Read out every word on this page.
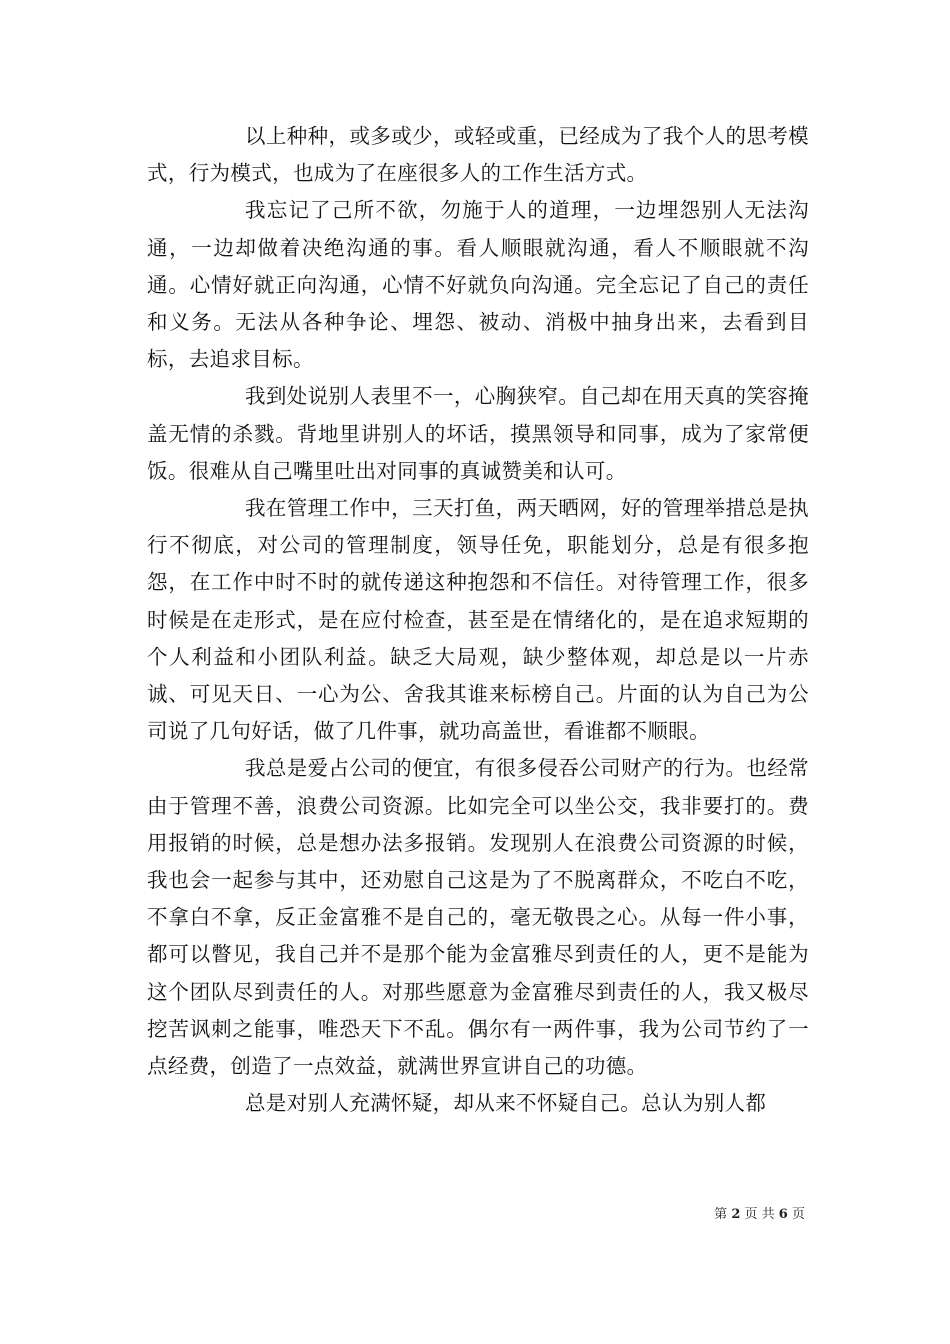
以上种种，或多或少，或轻或重，已经成为了我个人的思考模式，行为模式，也成为了在座很多人的工作生活方式。

我忘记了己所不欲，勿施于人的道理，一边埋怨别人无法沟通，一边却做着决绝沟通的事。看人顺眼就沟通，看人不顺眼就不沟通。心情好就正向沟通，心情不好就负向沟通。完全忘记了自己的责任和义务。无法从各种争论、埋怨、被动、消极中抽身出来，去看到目标，去追求目标。

我到处说别人表里不一，心胸狭窄。自己却在用天真的笑容掩盖无情的杀戮。背地里讲别人的坏话，摸黑领导和同事，成为了家常便饭。很难从自己嘴里吐出对同事的真诚赞美和认可。

我在管理工作中，三天打鱼，两天晒网，好的管理举措总是执行不彻底，对公司的管理制度，领导任免，职能划分，总是有很多抱怨，在工作中时不时的就传递这种抱怨和不信任。对待管理工作，很多时候是在走形式，是在应付检查，甚至是在情绪化的，是在追求短期的个人利益和小团队利益。缺乏大局观，缺少整体观，却总是以一片赤诚、可见天日、一心为公、舍我其谁来标榜自己。片面的认为自己为公司说了几句好话，做了几件事，就功高盖世，看谁都不顺眼。

我总是爱占公司的便宜，有很多侵吞公司财产的行为。也经常由于管理不善，浪费公司资源。比如完全可以坐公交，我非要打的。费用报销的时候，总是想办法多报销。发现别人在浪费公司资源的时候，我也会一起参与其中，还劝慰自己这是为了不脱离群众，不吃白不吃，不拿白不拿，反正金富雅不是自己的，毫无敬畏之心。从每一件小事，都可以瞥见，我自己并不是那个能为金富雅尽到责任的人，更不是能为这个团队尽到责任的人。对那些愿意为金富雅尽到责任的人，我又极尽挖苦讽刺之能事，唯恐天下不乱。偶尔有一两件事，我为公司节约了一点经费，创造了一点效益，就满世界宣讲自己的功德。

总是对别人充满怀疑，却从来不怀疑自己。总认为别人都

第 2 页 共 6 页
